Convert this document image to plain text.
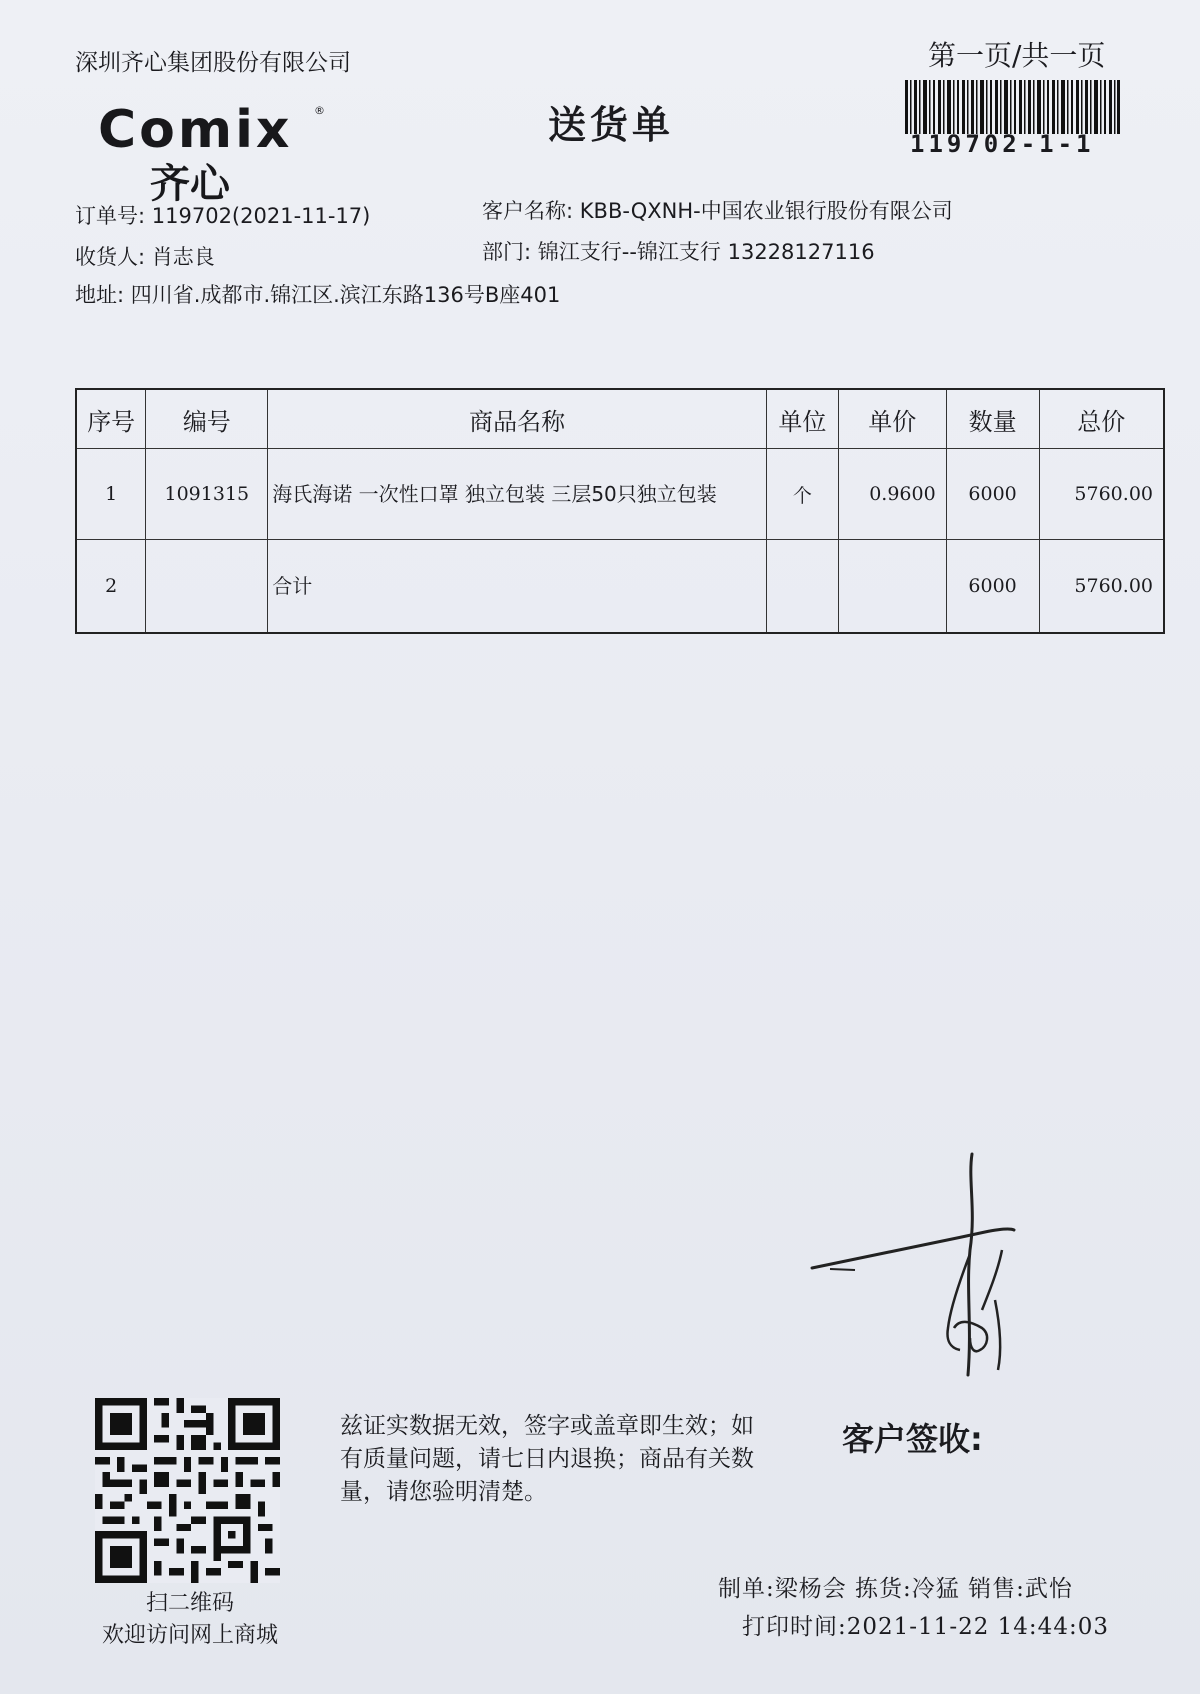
深圳齐心集团股份有限公司	第一页/共一页
Comix ®
齐心
送货单	119702-1-1
订单号: 119702(2021-11-17)	客户名称: KBB-QXNH-中国农业银行股份有限公司
收货人: 肖志良	部门: 锦江支行--锦江支行 13228127116
地址: 四川省.成都市.锦江区.滨江东路136号B座401
序号	编号	商品名称	单位	单价	数量	总价
1	1091315	海氏海诺 一次性口罩 独立包装 三层50只独立包装	个	0.9600	6000	5760.00
2		合计			6000	5760.00
扫二维码
欢迎访问网上商城
兹证实数据无效，签字或盖章即生效；如有质量问题，请七日内退换；商品有关数量，请您验明清楚。
客户签收:
制单:梁杨会 拣货:冷猛 销售:武怡
打印时间:2021-11-22 14:44:03
